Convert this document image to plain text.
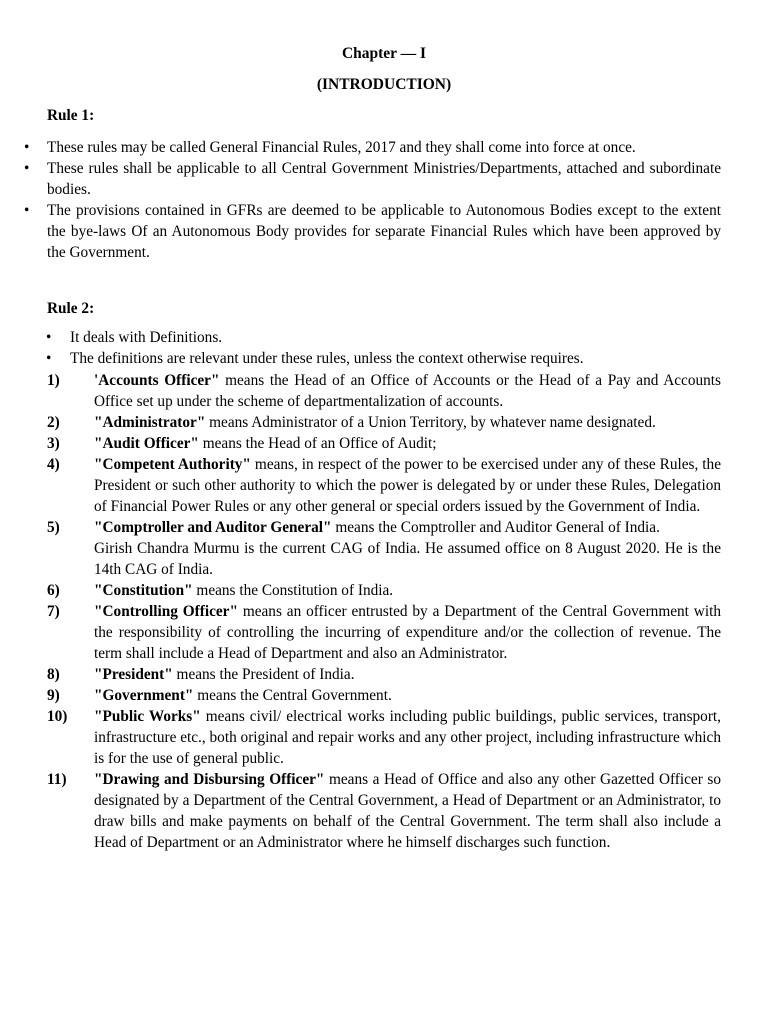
Chapter — I
(INTRODUCTION)
Rule 1:
• These rules may be called General Financial Rules, 2017 and they shall come into force at once.
• These rules shall be applicable to all Central Government Ministries/Departments, attached and subordinate bodies.
• The provisions contained in GFRs are deemed to be applicable to Autonomous Bodies except to the extent the bye-laws Of an Autonomous Body provides for separate Financial Rules which have been approved by the Government.
Rule 2:
• It deals with Definitions.
• The definitions are relevant under these rules, unless the context otherwise requires.
1) 'Accounts Officer" means the Head of an Office of Accounts or the Head of a Pay and Accounts Office set up under the scheme of departmentalization of accounts.
2) "Administrator" means Administrator of a Union Territory, by whatever name designated.
3) "Audit Officer" means the Head of an Office of Audit;
4) "Competent Authority" means, in respect of the power to be exercised under any of these Rules, the President or such other authority to which the power is delegated by or under these Rules, Delegation of Financial Power Rules or any other general or special orders issued by the Government of India.
5) "Comptroller and Auditor General" means the Comptroller and Auditor General of India.
Girish Chandra Murmu is the current CAG of India. He assumed office on 8 August 2020. He is the 14th CAG of India.
6) "Constitution" means the Constitution of India.
7) "Controlling Officer" means an officer entrusted by a Department of the Central Government with the responsibility of controlling the incurring of expenditure and/or the collection of revenue. The term shall include a Head of Department and also an Administrator.
8) "President" means the President of India.
9) "Government" means the Central Government.
10) "Public Works" means civil/ electrical works including public buildings, public services, transport, infrastructure etc., both original and repair works and any other project, including infrastructure which is for the use of general public.
11) "Drawing and Disbursing Officer" means a Head of Office and also any other Gazetted Officer so designated by a Department of the Central Government, a Head of Department or an Administrator, to draw bills and make payments on behalf of the Central Government. The term shall also include a Head of Department or an Administrator where he himself discharges such function.
